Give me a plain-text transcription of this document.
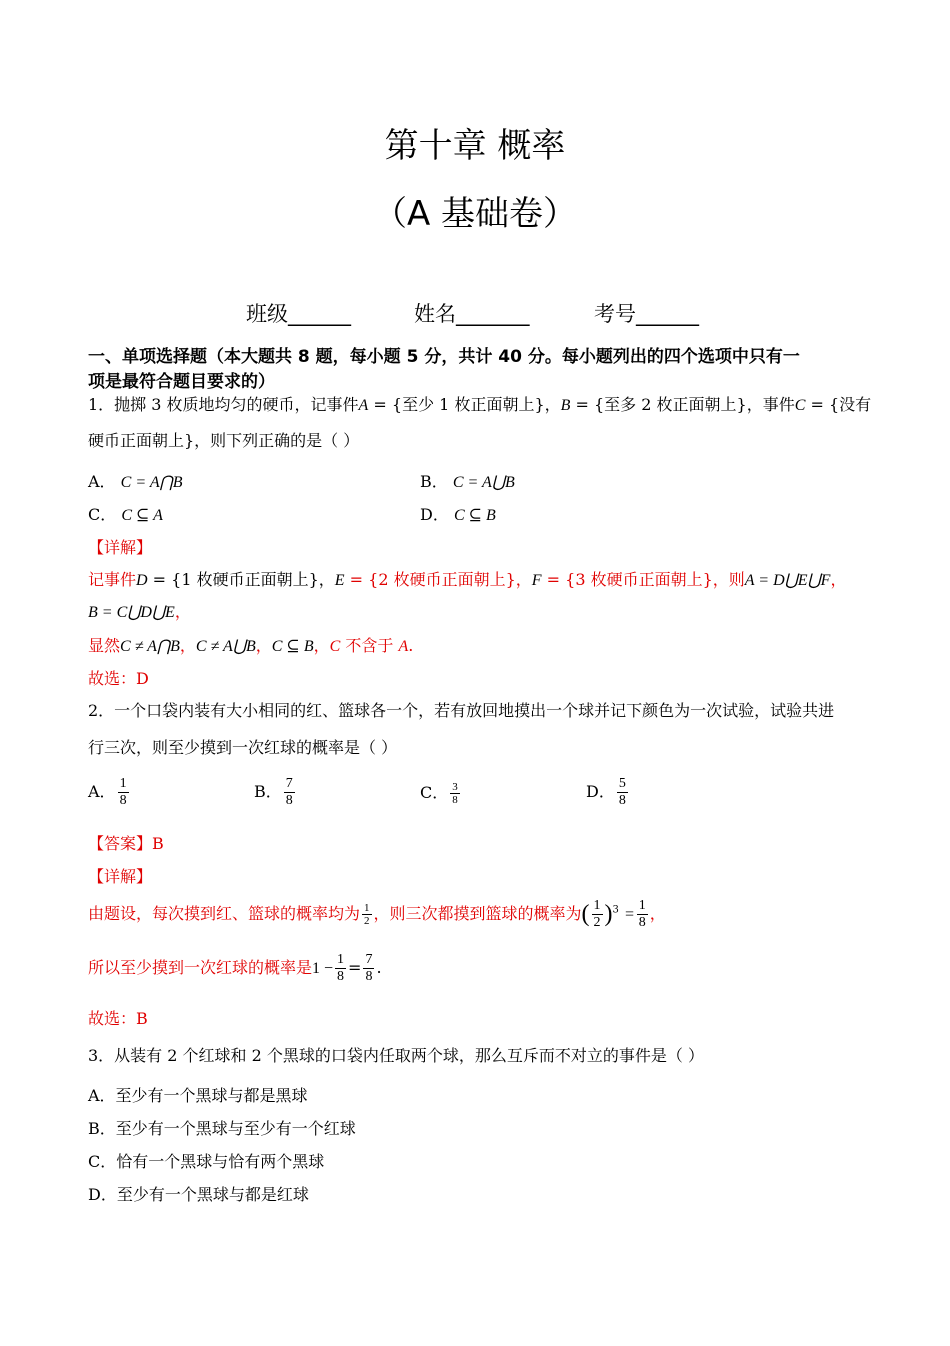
第十章 概率
（A 基础卷）
班级______	姓名_______	考号______
一、单项选择题（本大题共 8 题，每小题 5 分，共计 40 分。每小题列出的四个选项中只有一
项是最符合题目要求的）
1．抛掷 3 枚质地均匀的硬币，记事件A = {至少 1 枚正面朝上}，B = {至多 2 枚正面朝上}，事件C = {没有
硬币正面朝上}，则下列正确的是（ ）
A． C = A⋂B	B． C = A⋃B
C． C ⊆ A	D． C ⊆ B
【详解】
记事件D = {1 枚硬币正面朝上}，E = {2 枚硬币正面朝上}，F = {3 枚硬币正面朝上}，则A = D⋃E⋃F，
B = C⋃D⋃E，
显然C ≠ A⋂B，C ≠ A⋃B，C ⊆ B，C 不含于 A.
故选：D
2．一个口袋内装有大小相同的红、篮球各一个，若有放回地摸出一个球并记下颜色为一次试验，试验共进
行三次，则至少摸到一次红球的概率是（ ）
A． $\frac{1}{8}$	B． $\frac{7}{8}$	C． $\frac{3}{8}$	D． $\frac{5}{8}$
【答案】B
【详解】
由题设，每次摸到红、篮球的概率均为 $\frac{1}{2}$ ，则三次都摸到篮球的概率为( $\frac{1}{2} )^3 = \frac{1}{8}$ ，
所以至少摸到一次红球的概率是$1 - \frac{1}{8} = \frac{7}{8}$ .
故选：B
3．从装有 2 个红球和 2 个黑球的口袋内任取两个球，那么互斥而不对立的事件是（ ）
A．至少有一个黑球与都是黑球
B．至少有一个黑球与至少有一个红球
C．恰有一个黑球与恰有两个黑球
D．至少有一个黑球与都是红球
